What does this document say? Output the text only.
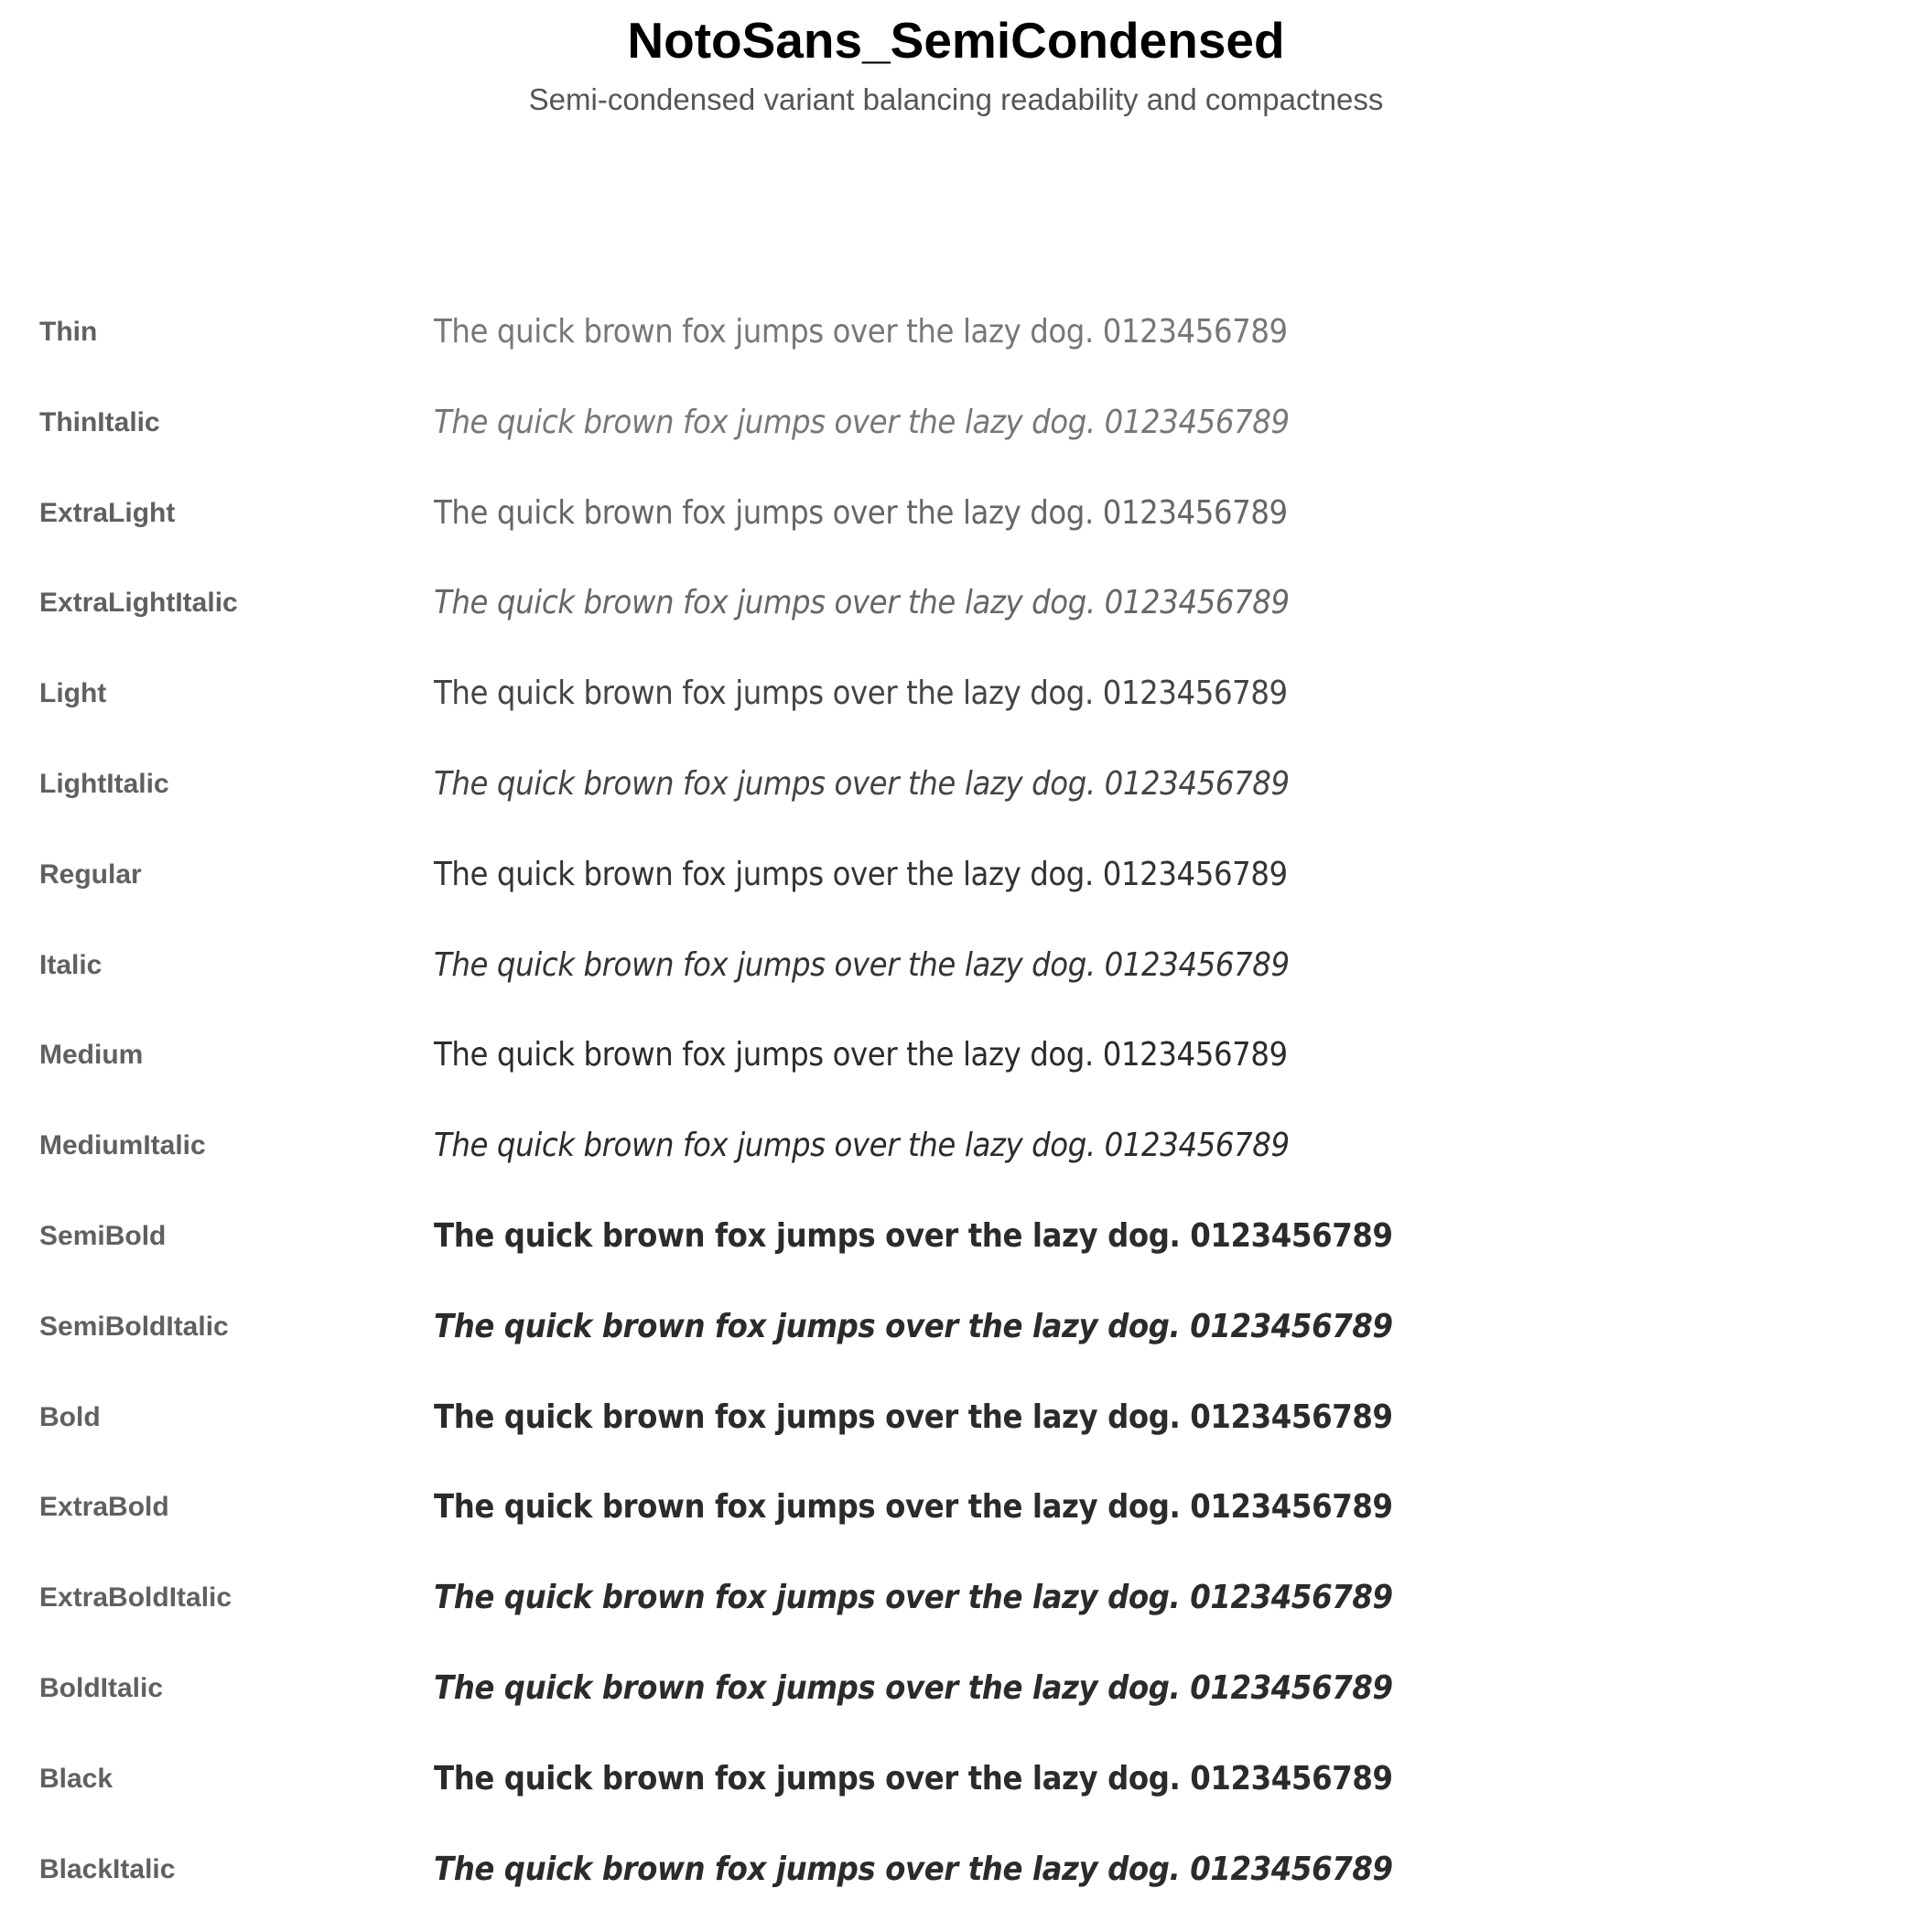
NotoSans_SemiCondensed

Semi-condensed variant balancing readability and compactness

Thin	The quick brown fox jumps over the lazy dog. 0123456789
ThinItalic	The quick brown fox jumps over the lazy dog. 0123456789
ExtraLight	The quick brown fox jumps over the lazy dog. 0123456789
ExtraLightItalic	The quick brown fox jumps over the lazy dog. 0123456789
Light	The quick brown fox jumps over the lazy dog. 0123456789
LightItalic	The quick brown fox jumps over the lazy dog. 0123456789
Regular	The quick brown fox jumps over the lazy dog. 0123456789
Italic	The quick brown fox jumps over the lazy dog. 0123456789
Medium	The quick brown fox jumps over the lazy dog. 0123456789
MediumItalic	The quick brown fox jumps over the lazy dog. 0123456789
SemiBold	The quick brown fox jumps over the lazy dog. 0123456789
SemiBoldItalic	The quick brown fox jumps over the lazy dog. 0123456789
Bold	The quick brown fox jumps over the lazy dog. 0123456789
ExtraBold	The quick brown fox jumps over the lazy dog. 0123456789
ExtraBoldItalic	The quick brown fox jumps over the lazy dog. 0123456789
BoldItalic	The quick brown fox jumps over the lazy dog. 0123456789
Black	The quick brown fox jumps over the lazy dog. 0123456789
BlackItalic	The quick brown fox jumps over the lazy dog. 0123456789
